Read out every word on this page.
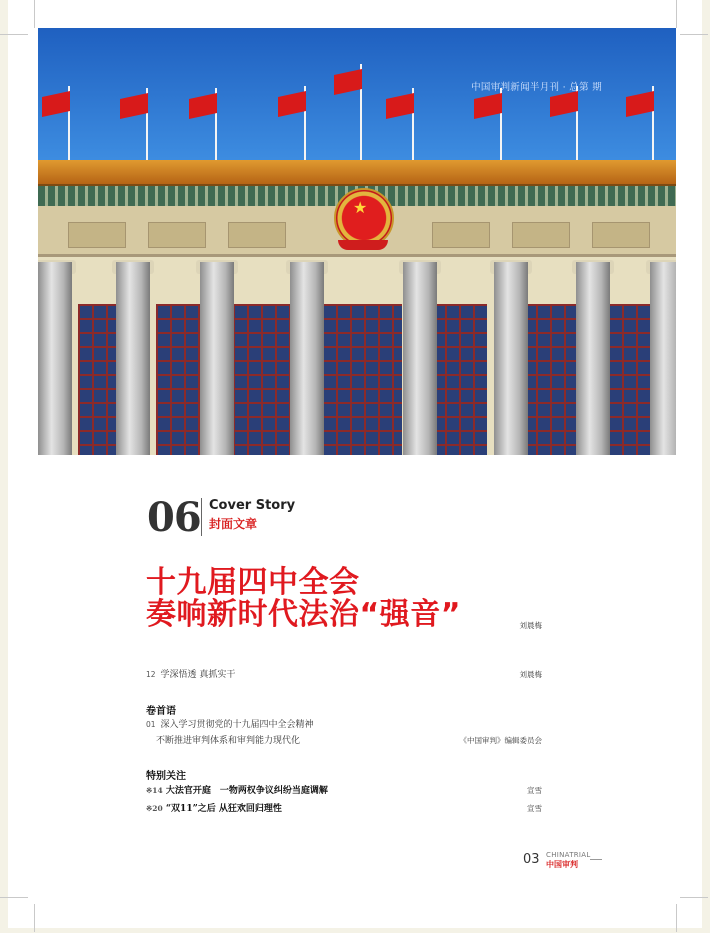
中国审判新闻半月刊 · 总第 期
★
06 Cover Story
封面文章
十九届四中全会
奏响新时代法治“强音”	刘晨梅
12 学深悟透 真抓实干	刘晨梅
卷首语
01 深入学习贯彻党的十九届四中全会精神
不断推进审判体系和审判能力现代化	《中国审判》编辑委员会
特别关注
※14 大法官开庭　一物两权争议纠纷当庭调解	宣雪
※20 “双11”之后 从狂欢回归理性	宣雪
03 CHINATRIAL
中国审判
